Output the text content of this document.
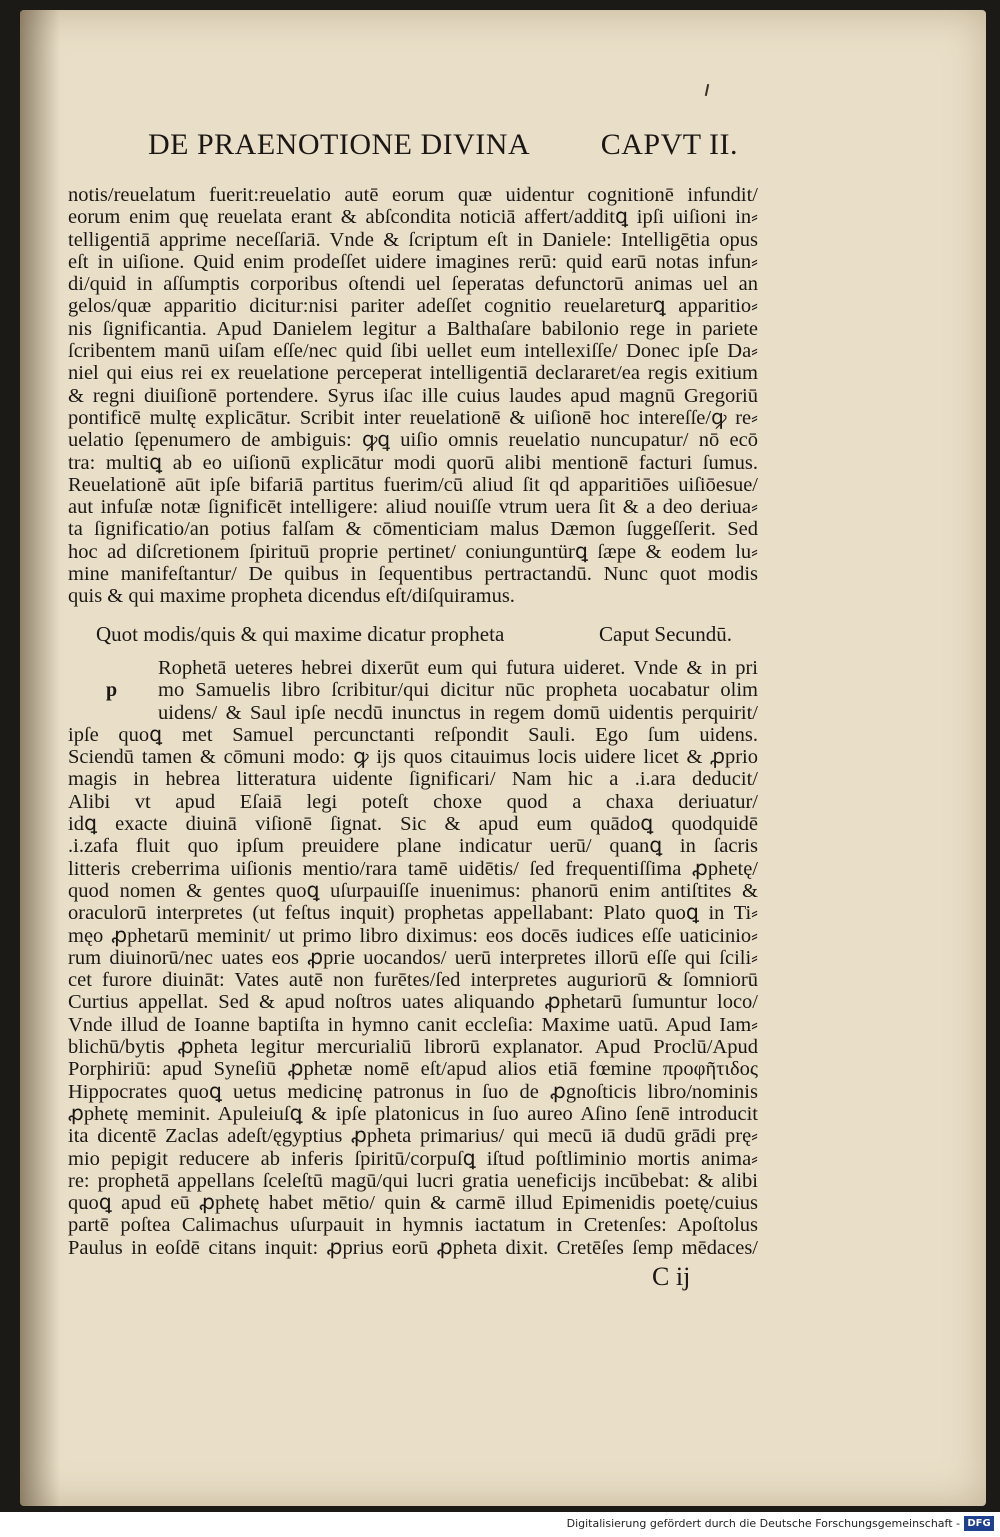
DE PRAENOTIONE DIVINA CAPVT II.
notis/reuelatum fuerit:reuelatio autē eorum quæ uidentur cognitionē infundit/
eorum enim quę reuelata erant & abſcondita noticiā affert/additꝗ ipſi uiſioni in⸗
telligentiā apprime neceſſariā. Vnde & ſcriptum eſt in Daniele: Intelligētia opus
eſt in uiſione. Quid enim prodeſſet uidere imagines rerū: quid earū notas infun⸗
di/quid in aſſumptis corporibus oſtendi uel ſeperatas defunctorū animas uel an
gelos/quæ apparitio dicitur:nisi pariter adeſſet cognitio reuelareturꝗ apparitio⸗
nis ſignificantia. Apud Danielem legitur a Balthaſare babilonio rege in pariete
ſcribentem manū uiſam eſſe/nec quid ſibi uellet eum intellexiſſe/ Donec ipſe Da⸗
niel qui eius rei ex reuelatione perceperat intelligentiā declararet/ea regis exitium
& regni diuiſionē portendere. Syrus iſac ille cuius laudes apud magnū Gregoriū
pontificē multę explicātur. Scribit inter reuelationē & uiſionē hoc intereſſe/ꝙ re⸗
uelatio ſępenumero de ambiguis: ꝙꝗ uiſio omnis reuelatio nuncupatur/ nō ecō
tra: multiꝗ ab eo uiſionū explicātur modi quorū alibi mentionē facturi ſumus.
Reuelationē aūt ipſe bifariā partitus fuerim/cū aliud ſit qd apparitiōes uiſiōesue/
aut infuſæ notæ ſignificēt intelligere: aliud nouiſſe vtrum uera ſit & a deo deriua⸗
ta ſignificatio/an potius falſam & cōmenticiam malus Dæmon ſuggeſſerit. Sed
hoc ad diſcretionem ſpirituū proprie pertinet/ coniunguntürꝗ ſæpe & eodem lu⸗
mine manifeſtantur/ De quibus in ſequentibus pertractandū. Nunc quot modis
quis & qui maxime propheta dicendus eſt/diſquiramus.
Quot modis/quis & qui maxime dicatur propheta	Caput Secundū.
p
Rophetā ueteres hebrei dixerūt eum qui futura uideret. Vnde & in pri
mo Samuelis libro ſcribitur/qui dicitur nūc propheta uocabatur olim
uidens/ & Saul ipſe necdū inunctus in regem domū uidentis perquirit/
ipſe quoꝗ met Samuel percunctanti reſpondit Sauli. Ego ſum uidens.
Sciendū tamen & cōmuni modo: ꝙ ijs quos citauimus locis uidere licet & ꝓprio
magis in hebrea litteratura uidente ſignificari/ Nam hic a .i.ara deducit/
Alibi vt apud Eſaiā legi poteſt choxe quod a chaxa deriuatur/
idꝗ exacte diuinā viſionē ſignat. Sic & apud eum quādoꝗ quodquidē
.i.zafa fluit quo ipſum preuidere plane indicatur uerū/ quanꝗ in ſacris
litteris creberrima uiſionis mentio/rara tamē uidētis/ ſed frequentiſſima ꝓphetę/
quod nomen & gentes quoꝗ uſurpauiſſe inuenimus: phanorū enim antiſtites &
oraculorū interpretes (ut feſtus inquit) prophetas appellabant: Plato quoꝗ in Ti⸗
męo ꝓphetarū meminit/ ut primo libro diximus: eos docēs iudices eſſe uaticinio⸗
rum diuinorū/nec uates eos ꝓprie uocandos/ uerū interpretes illorū eſſe qui ſcili⸗
cet furore diuināt: Vates autē non furētes/ſed interpretes auguriorū & ſomniorū
Curtius appellat. Sed & apud noſtros uates aliquando ꝓphetarū ſumuntur loco/
Vnde illud de Ioanne baptiſta in hymno canit eccleſia: Maxime uatū. Apud Iam⸗
blichū/bytis ꝓpheta legitur mercurialiū librorū explanator. Apud Proclū/Apud
Porphiriū: apud Syneſiū ꝓphetæ nomē eſt/apud alios etiā fœmine προφῆτιδος
Hippocrates quoꝗ uetus medicinę patronus in ſuo de ꝓgnoſticis libro/nominis
ꝓphetę meminit. Apuleiuſꝗ & ipſe platonicus in ſuo aureo Aſino ſenē introducit
ita dicentē Zaclas adeſt/ęgyptius ꝓpheta primarius/ qui mecū iā dudū grādi prę⸗
mio pepigit reducere ab inferis ſpiritū/corpuſꝗ iſtud poſtliminio mortis anima⸗
re: prophetā appellans ſceleſtū magū/qui lucri gratia ueneficijs incūbebat: & alibi
quoꝗ apud eū ꝓphetę habet mētio/ quin & carmē illud Epimenidis poetę/cuius
partē poſtea Calimachus uſurpauit in hymnis iactatum in Cretenſes: Apoſtolus
Paulus in eoſdē citans inquit: ꝓprius eorū ꝓpheta dixit. Cretēſes ſemp mēdaces/
C ij
Digitalisierung gefördert durch die Deutsche Forschungsgemeinschaft - DFG
